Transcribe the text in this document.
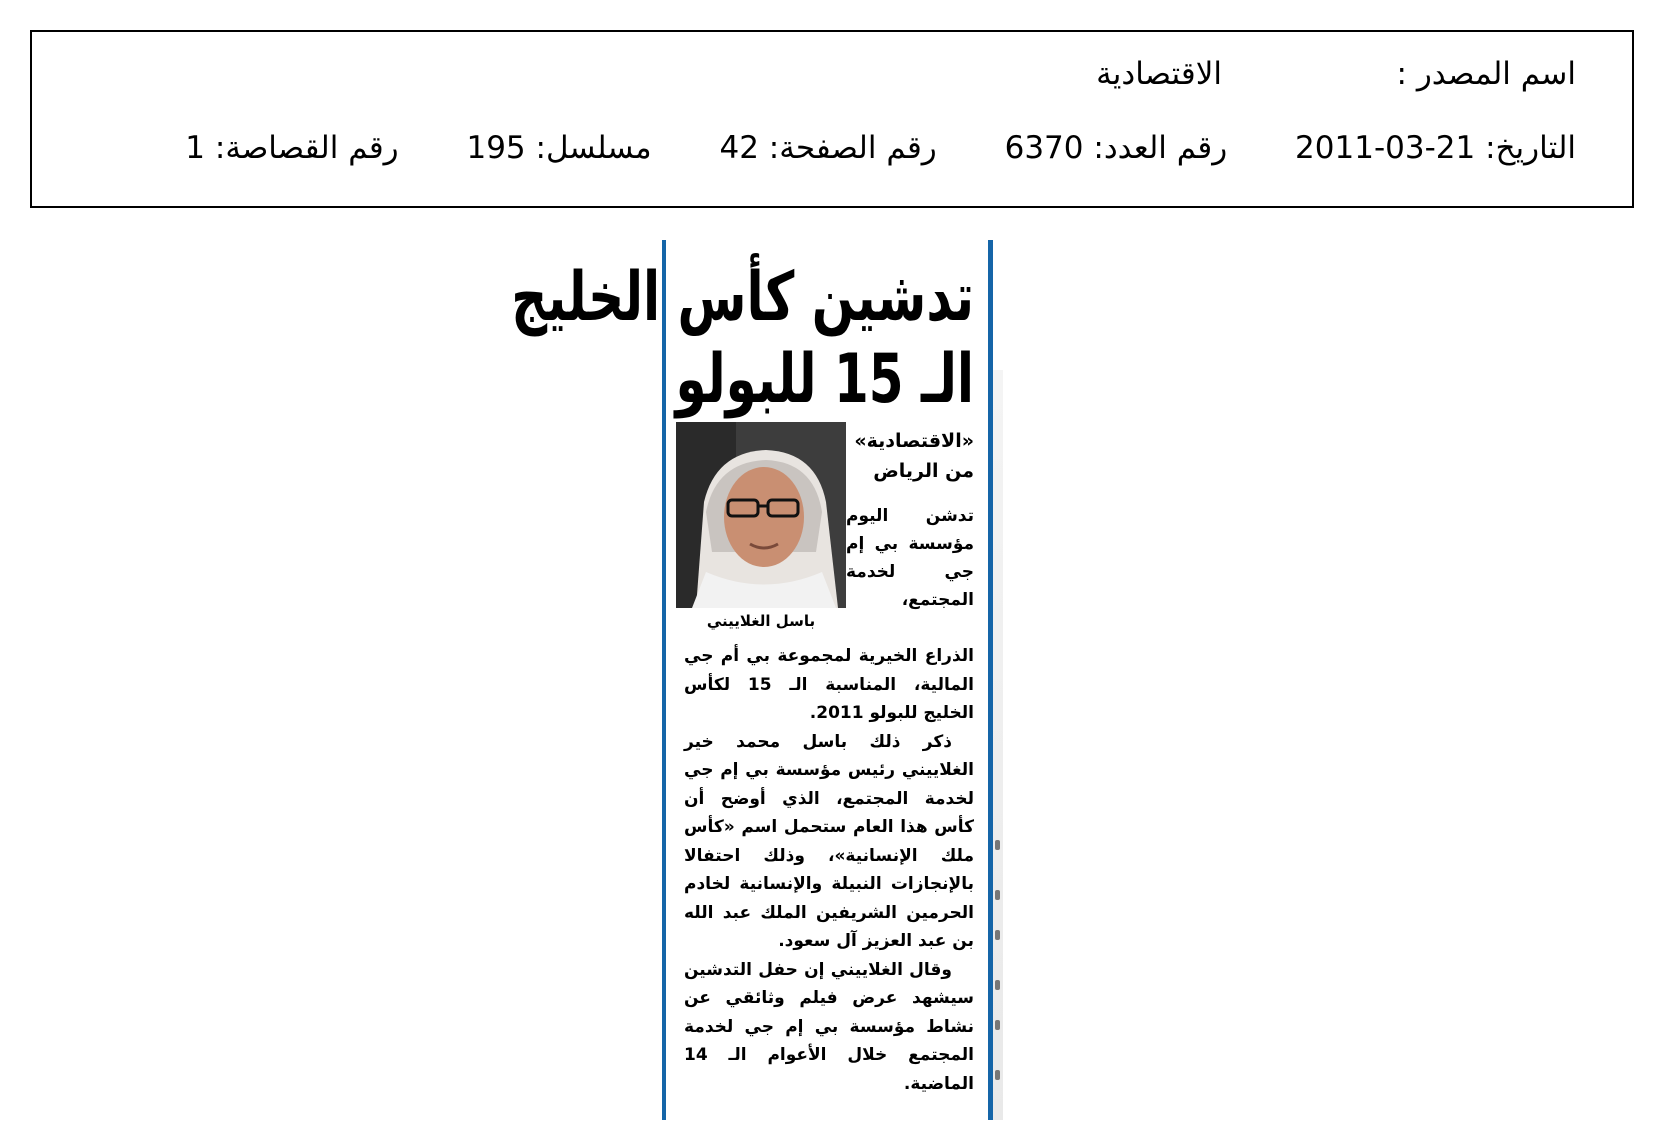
اسم المصدر :
الاقتصادية
التاريخ: 21-03-2011 رقم العدد: 6370 رقم الصفحة: 42 مسلسل: 195 رقم القصاصة: 1
تدشين كأس الخليج
الـ 15 للبولو
باسل الغلاييني
«الاقتصادية»
من الرياض

تدشن اليوم مؤسسة بي إم جي لخدمة المجتمع،

الذراع الخيرية لمجموعة بي أم جي المالية، المناسبة الـ 15 لكأس الخليج للبولو 2011.

ذكر ذلك باسل محمد خير الغلاييني رئيس مؤسسة بي إم جي لخدمة المجتمع، الذي أوضح أن كأس هذا العام ستحمل اسم «كأس ملك الإنسانية»، وذلك احتفالا بالإنجازات النبيلة والإنسانية لخادم الحرمين الشريفين الملك عبد الله بن عبد العزيز آل سعود.

وقال الغلاييني إن حفل التدشين سيشهد عرض فيلم وثائقي عن نشاط مؤسسة بي إم جي لخدمة المجتمع خلال الأعوام الـ 14 الماضية.
